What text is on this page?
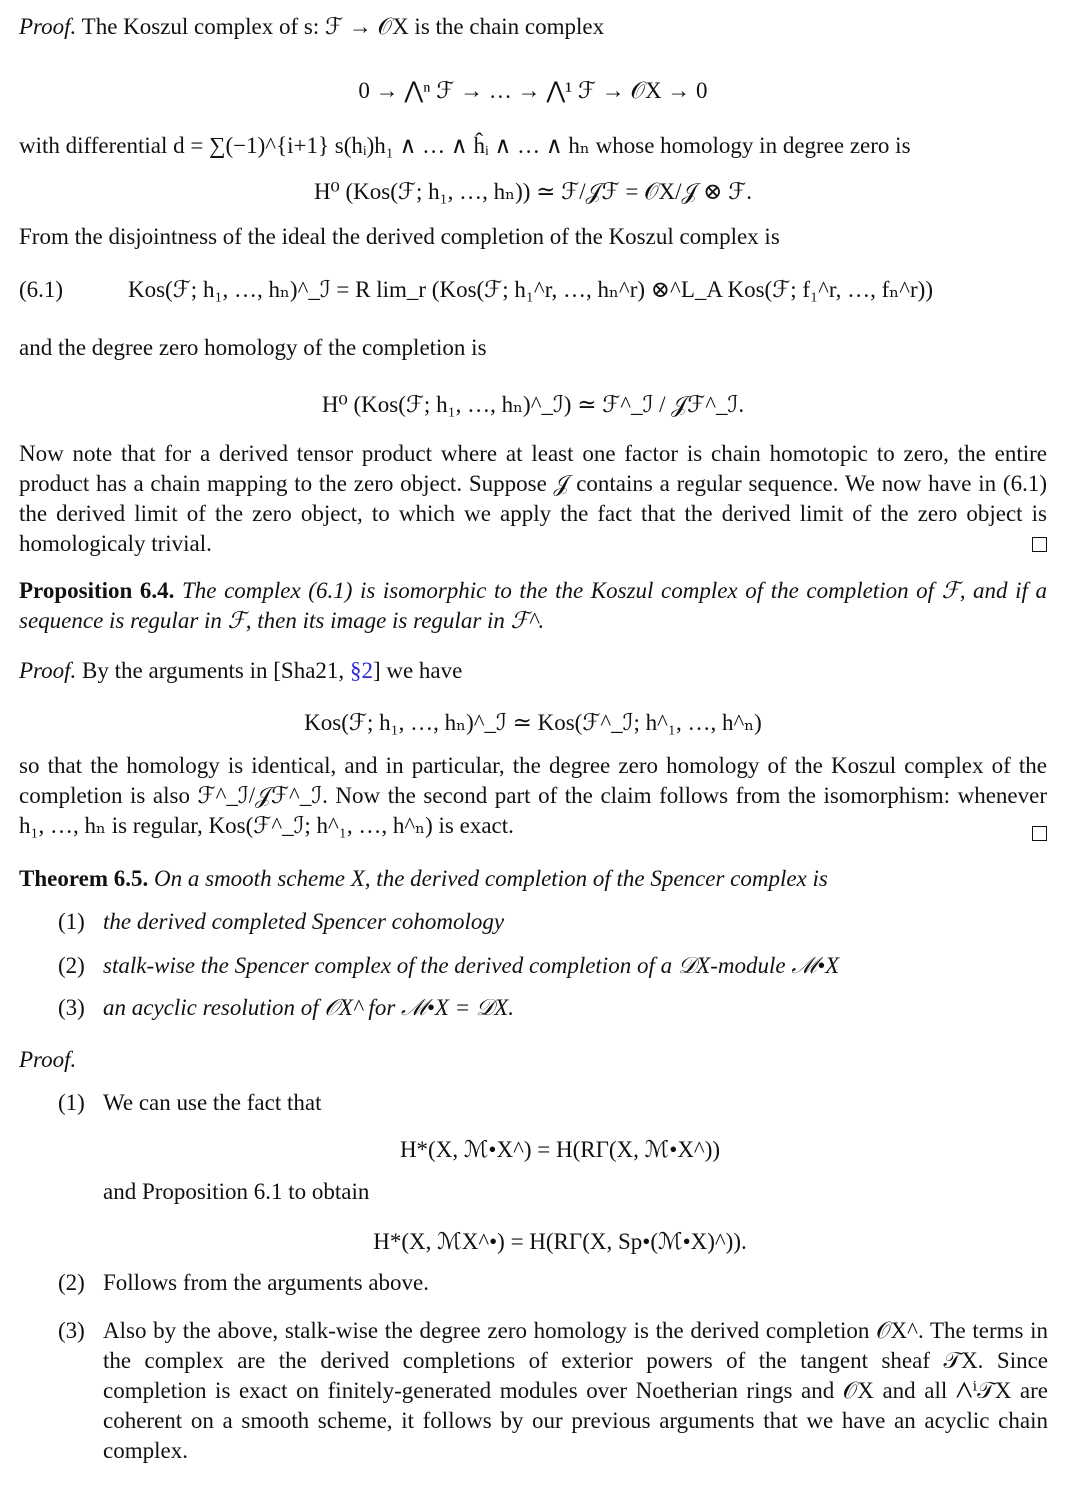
Proof. The Koszul complex of s: ℱ → 𝒪X is the chain complex

0 → ⋀ⁿ ℱ → … → ⋀¹ ℱ → 𝒪X → 0

with differential d = ∑(−1)^{i+1} s(hᵢ)h₁ ∧ … ∧ ĥᵢ ∧ … ∧ hₙ whose homology in degree zero is

H⁰ (Kos(ℱ; h₁, …, hₙ)) ≃ ℱ/𝒥ℱ = 𝒪X/𝒥 ⊗ ℱ.

From the disjointness of the ideal the derived completion of the Koszul complex is

(6.1)	Kos(ℱ; h₁, …, hₙ)^_ℐ = R lim_r (Kos(ℱ; h₁^r, …, hₙ^r) ⊗^L_A Kos(ℱ; f₁^r, …, fₙ^r))

and the degree zero homology of the completion is

H⁰ (Kos(ℱ; h₁, …, hₙ)^_ℐ) ≃ ℱ^_ℐ / 𝒥ℱ^_ℐ.

Now note that for a derived tensor product where at least one factor is chain homotopic to zero, the entire product has a chain mapping to the zero object. Suppose 𝒥 contains a regular sequence. We now have in (6.1) the derived limit of the zero object, to which we apply the fact that the derived limit of the zero object is homologicaly trivial.

Proposition 6.4. The complex (6.1) is isomorphic to the the Koszul complex of the completion of ℱ, and if a sequence is regular in ℱ, then its image is regular in ℱ^.

Proof. By the arguments in [Sha21, §2] we have

Kos(ℱ; h₁, …, hₙ)^_ℐ ≃ Kos(ℱ^_ℐ; h^₁, …, h^ₙ)

so that the homology is identical, and in particular, the degree zero homology of the Koszul complex of the completion is also ℱ^_ℐ/𝒥ℱ^_ℐ. Now the second part of the claim follows from the isomorphism: whenever h₁, …, hₙ is regular, Kos(ℱ^_ℐ; h^₁, …, h^ₙ) is exact.

Theorem 6.5. On a smooth scheme X, the derived completion of the Spencer complex is

(1) the derived completed Spencer cohomology
(2) stalk-wise the Spencer complex of the derived completion of a 𝒟X-module ℳ•X
(3) an acyclic resolution of 𝒪X^ for ℳ•X = 𝒟X.
Proof.
(1) We can use the fact that
H*(X, ℳ•X^) = H(RΓ(X, ℳ•X^))
and Proposition 6.1 to obtain
H*(X, ℳX^•) = H(RΓ(X, Sp•(ℳ•X)^)).
(2) Follows from the arguments above.
(3) Also by the above, stalk-wise the degree zero homology is the derived completion 𝒪X^. The terms in the complex are the derived completions of exterior powers of the tangent sheaf 𝒯X. Since completion is exact on finitely-generated modules over Noetherian rings and 𝒪X and all ⋀ⁱ𝒯X are coherent on a smooth scheme, it follows by our previous arguments that we have an acyclic chain complex.
